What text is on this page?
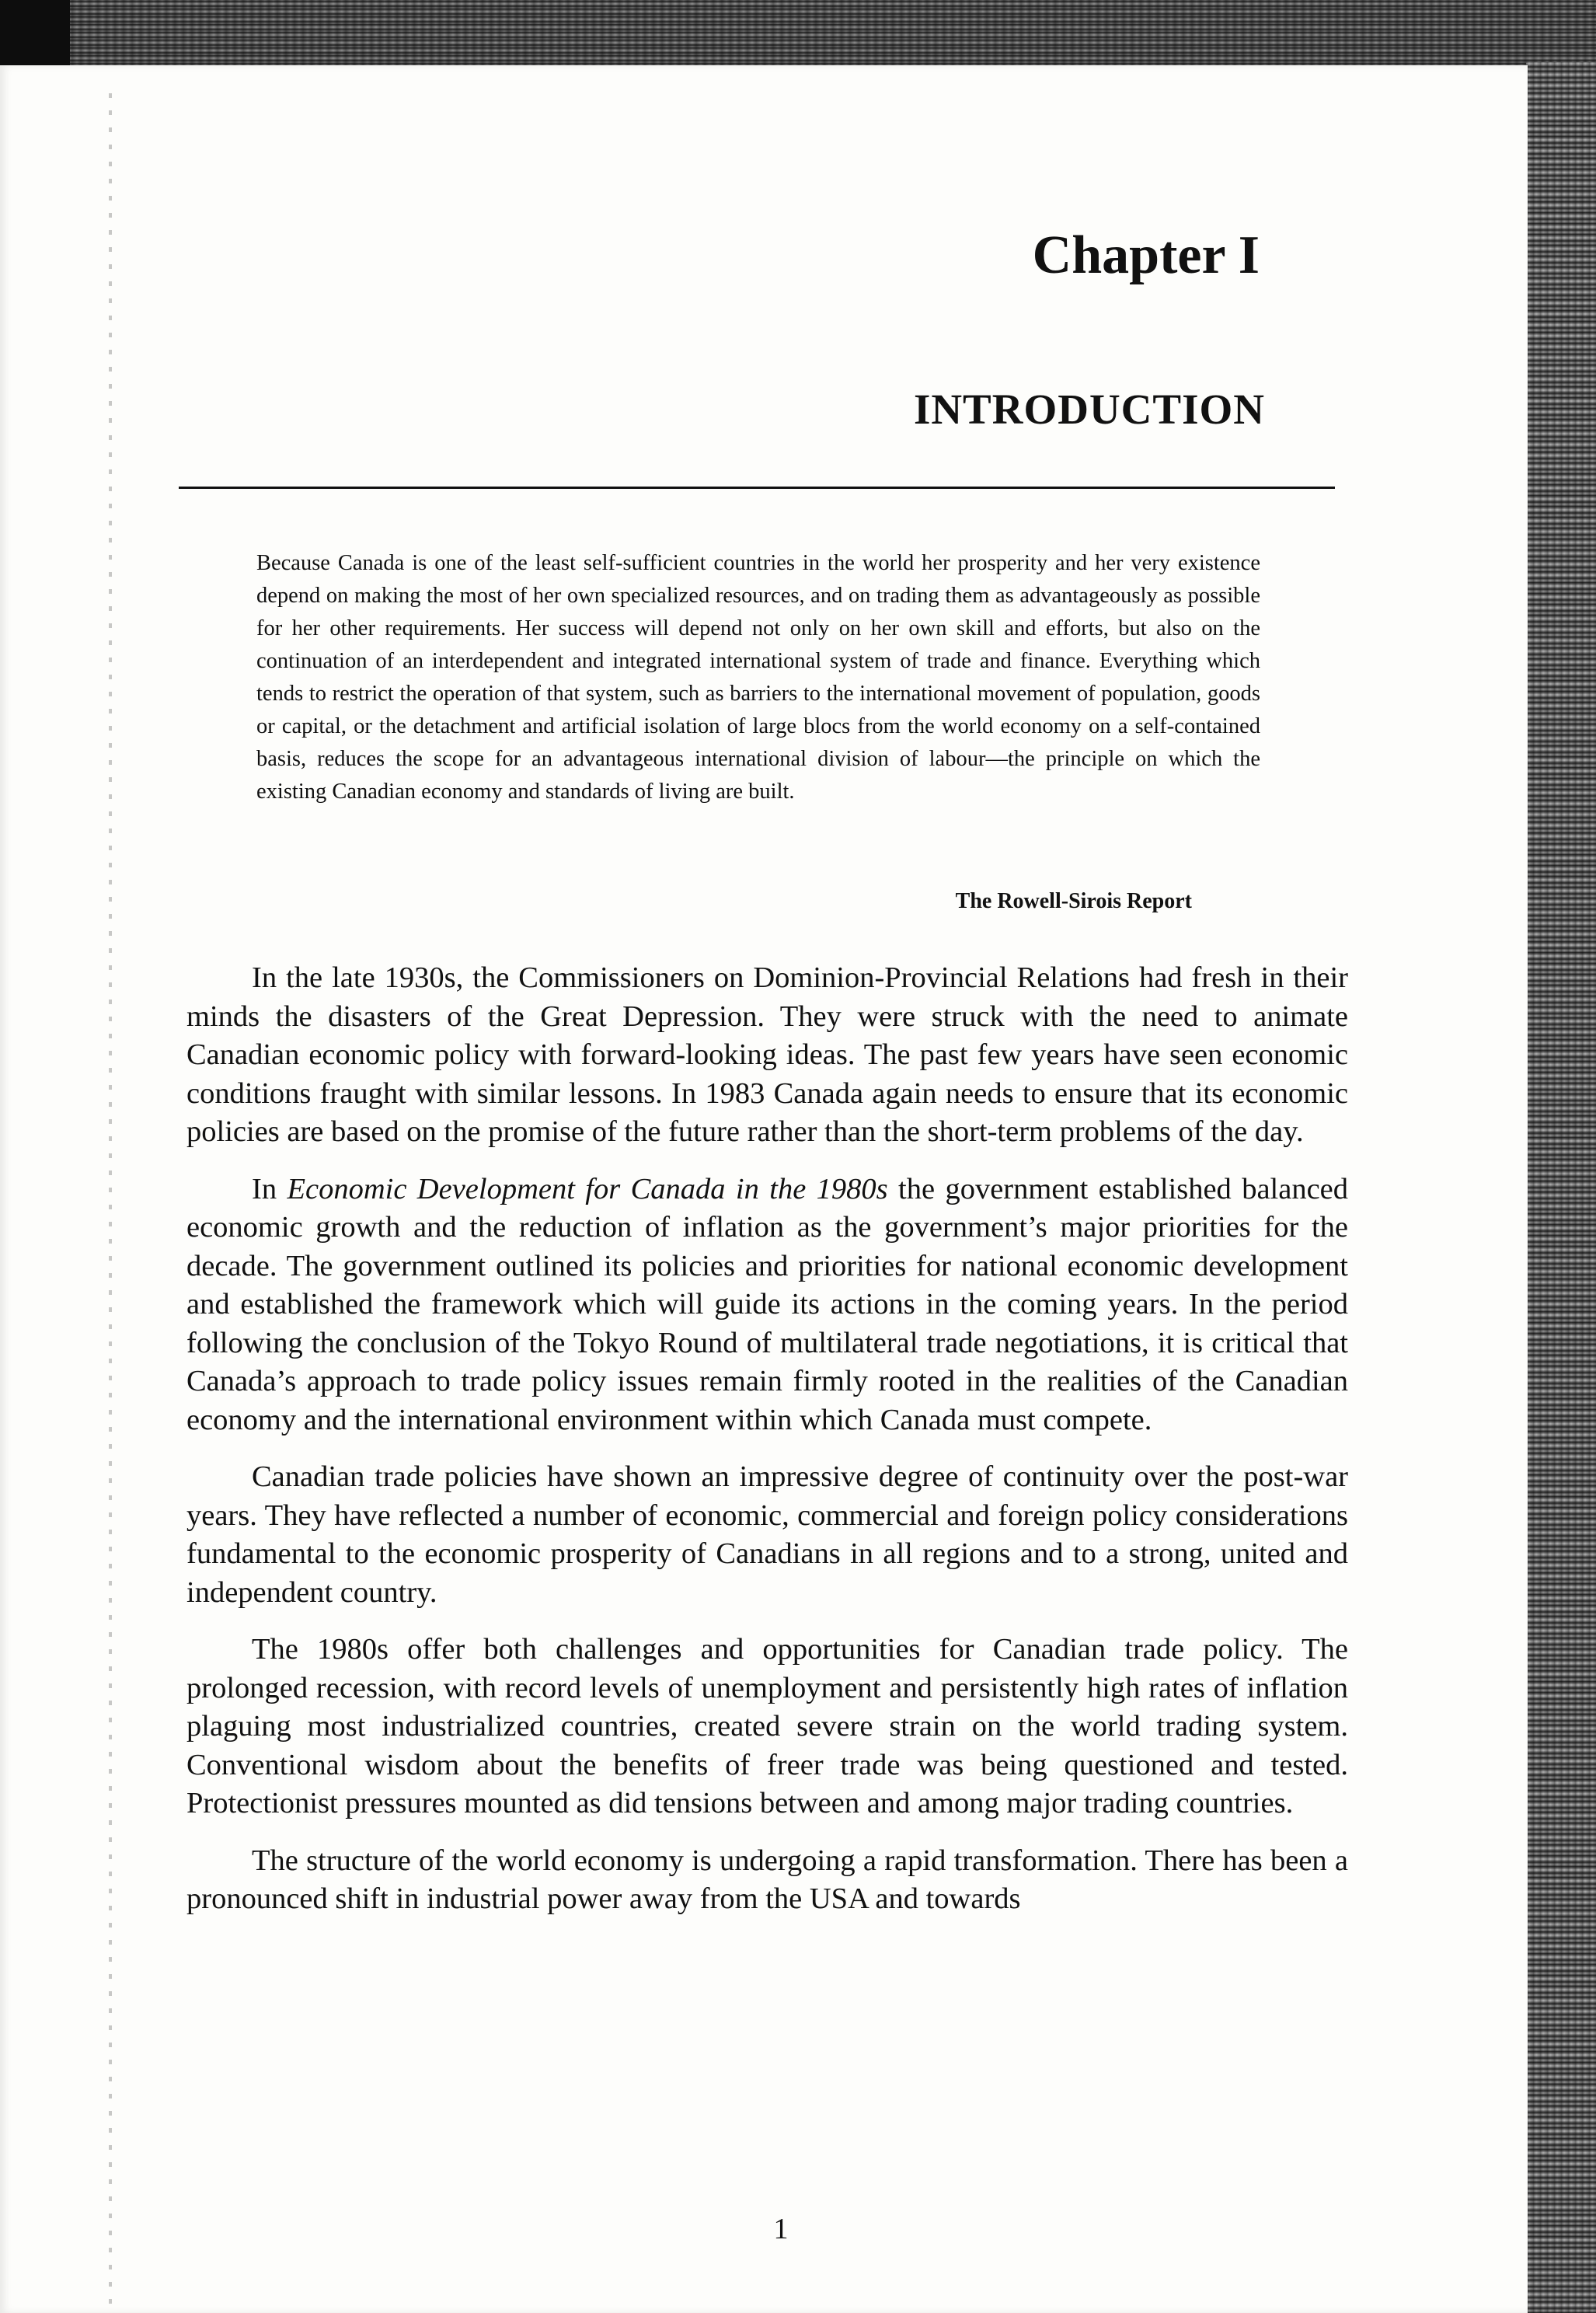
Chapter I
INTRODUCTION

Because Canada is one of the least self-sufficient countries in the world her prosperity and her very existence depend on making the most of her own specialized resources, and on trading them as advantageously as possible for her other requirements. Her success will depend not only on her own skill and efforts, but also on the continuation of an interdependent and integrated international system of trade and finance. Everything which tends to restrict the operation of that system, such as barriers to the international movement of population, goods or capital, or the detachment and artificial isolation of large blocs from the world economy on a self-contained basis, reduces the scope for an advantageous international division of labour—the principle on which the existing Canadian economy and standards of living are built.

The Rowell-Sirois Report

In the late 1930s, the Commissioners on Dominion-Provincial Relations had fresh in their minds the disasters of the Great Depression. They were struck with the need to animate Canadian economic policy with forward-looking ideas. The past few years have seen economic conditions fraught with similar lessons. In 1983 Canada again needs to ensure that its economic policies are based on the promise of the future rather than the short-term problems of the day.

In Economic Development for Canada in the 1980s the government established balanced economic growth and the reduction of inflation as the government’s major priorities for the decade. The government outlined its policies and priorities for national economic development and established the framework which will guide its actions in the coming years. In the period following the conclusion of the Tokyo Round of multilateral trade negotiations, it is critical that Canada’s approach to trade policy issues remain firmly rooted in the realities of the Canadian economy and the international environment within which Canada must compete.

Canadian trade policies have shown an impressive degree of continuity over the post-war years. They have reflected a number of economic, commercial and foreign policy considerations fundamental to the economic prosperity of Canadians in all regions and to a strong, united and independent country.

The 1980s offer both challenges and opportunities for Canadian trade policy. The prolonged recession, with record levels of unemployment and persistently high rates of inflation plaguing most industrialized countries, created severe strain on the world trading system. Conventional wisdom about the benefits of freer trade was being questioned and tested. Protectionist pressures mounted as did tensions between and among major trading countries.

The structure of the world economy is undergoing a rapid transformation. There has been a pronounced shift in industrial power away from the USA and towards

1
